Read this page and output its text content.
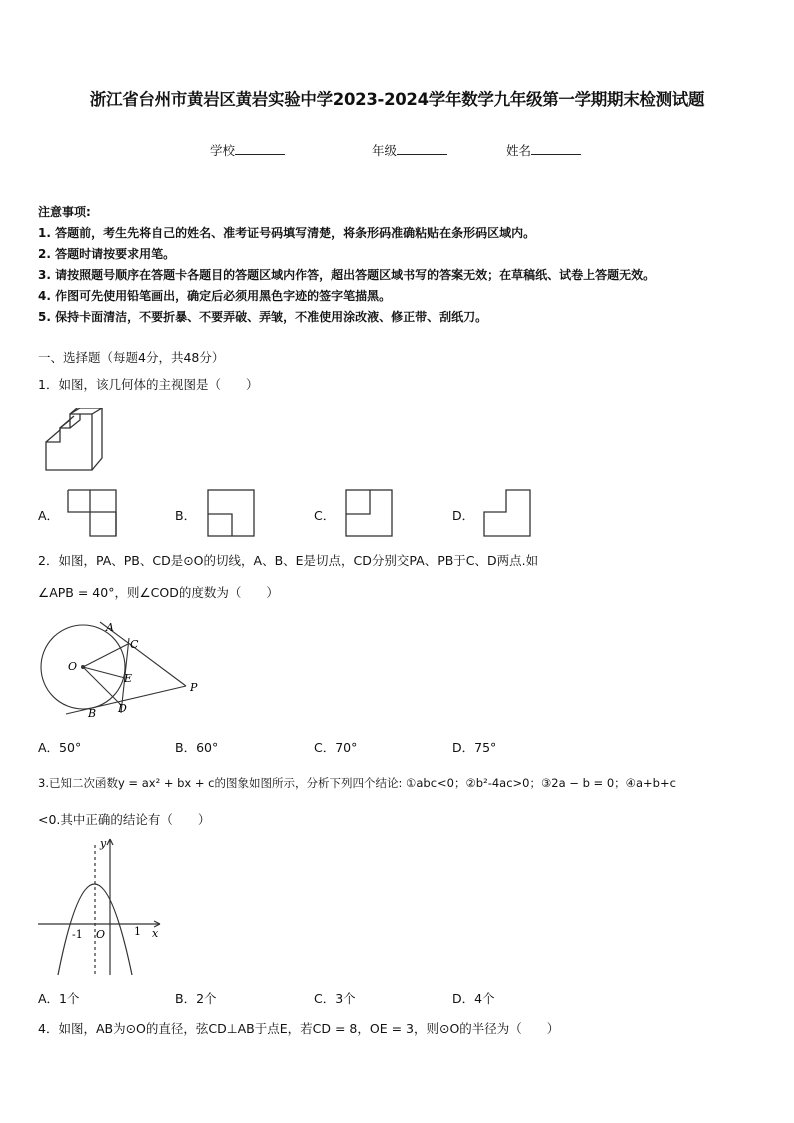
浙江省台州市黄岩区黄岩实验中学2023-2024学年数学九年级第一学期期末检测试题
学校	年级	姓名
注意事项:
1. 答题前，考生先将自己的姓名、准考证号码填写清楚，将条形码准确粘贴在条形码区域内。
2. 答题时请按要求用笔。
3. 请按照题号顺序在答题卡各题目的答题区域内作答，超出答题区域书写的答案无效；在草稿纸、试卷上答题无效。
4. 作图可先使用铅笔画出，确定后必须用黑色字迹的签字笔描黑。
5. 保持卡面清洁，不要折暴、不要弄破、弄皱，不准使用涂改液、修正带、刮纸刀。
一、选择题（每题4分，共48分）
1．如图，该几何体的主视图是（　　）
A．	B．	C．	D．
2．如图，PA、PB、CD是⊙O的切线，A、B、E是切点，CD分别交PA、PB于C、D两点.如
∠APB = 40°，则∠COD的度数为（　　）
A
C
O
E
P
B D
A．50°	B．60°	C．70°	D．75°
3.已知二次函数y = ax² + bx + c的图象如图所示，分析下列四个结论: ①abc<0；②b²-4ac>0；③2a − b = 0；④a+b+c
<0.其中正确的结论有（　　）
y
x
-1 O	1
A．1个	B．2个	C．3个	D．4个
4．如图，AB为⊙O的直径，弦CD⊥AB于点E，若CD = 8，OE = 3，则⊙O的半径为（　　）
